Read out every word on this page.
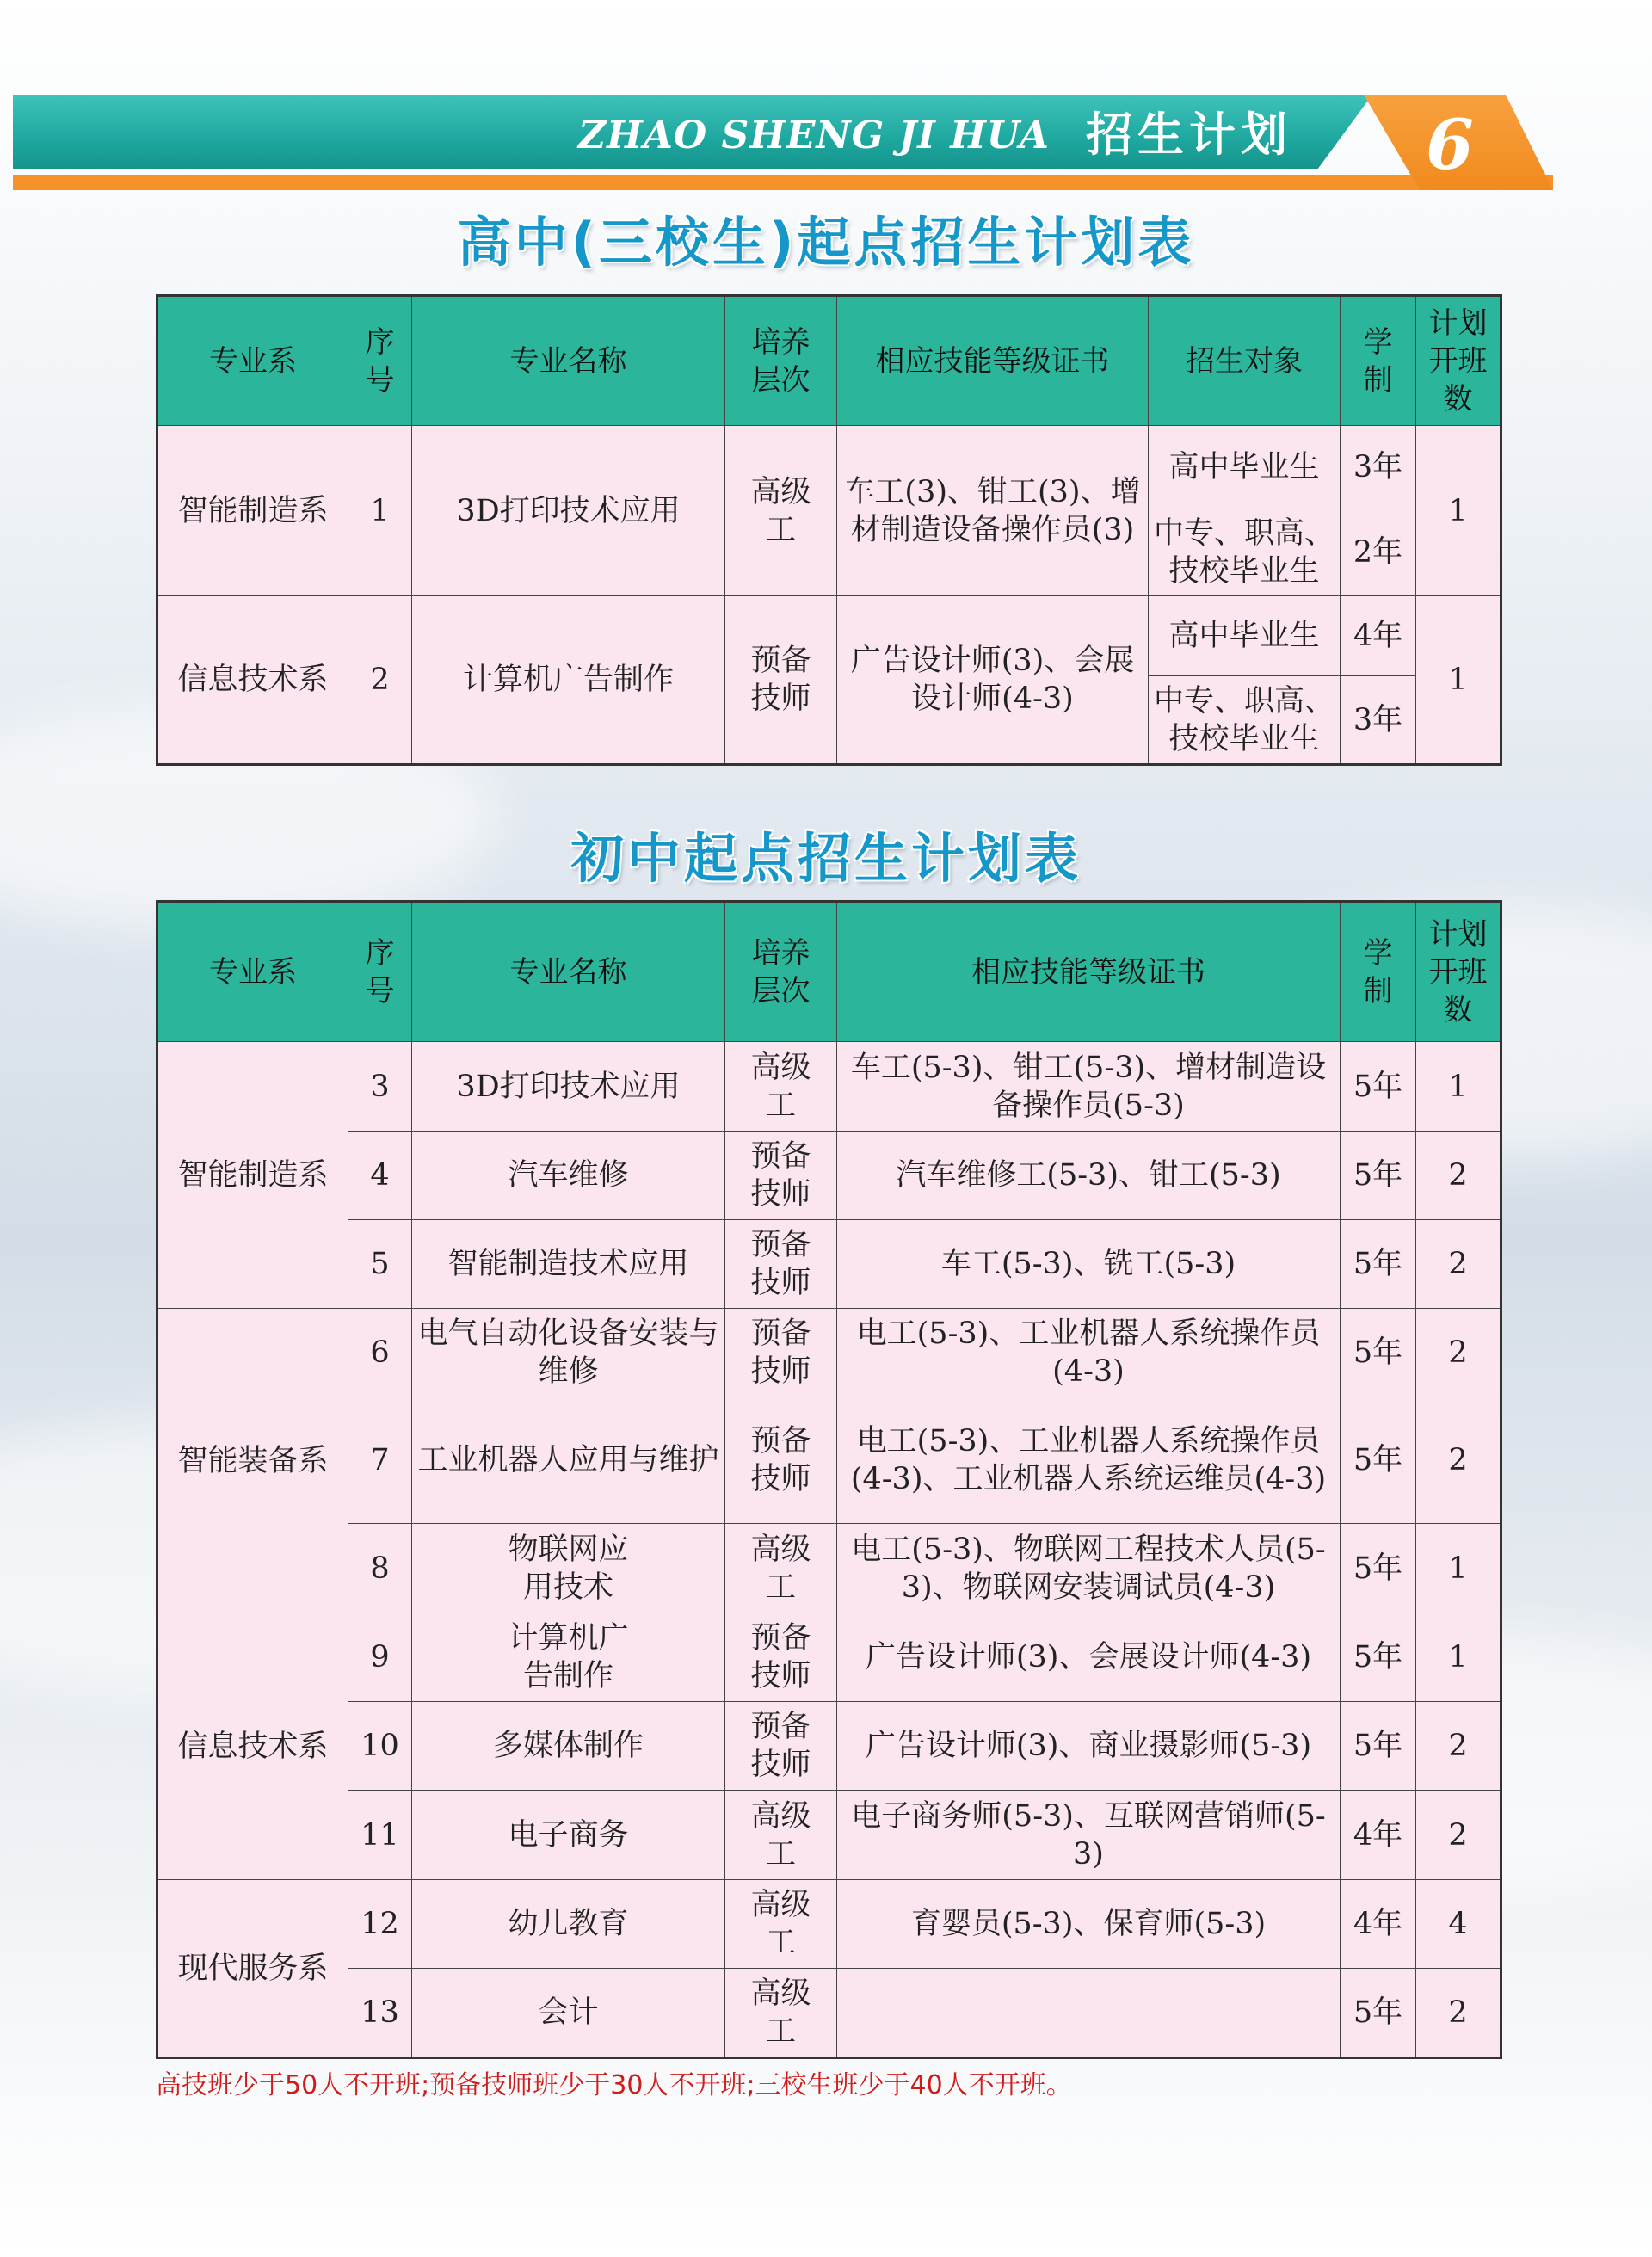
ZHAO SHENG JI HUA 招生计划 6
高中(三校生)起点招生计划表
专业系	序号	专业名称	培养层次	相应技能等级证书	招生对象	学制	计划开班数

智能制造系	1	3D打印技术应用	高级工	车工(3)、钳工(3)、增材制造设备操作员(3)	高中毕业生	3年	1
					中专、职高、技校毕业生	2年	
信息技术系	2	计算机广告制作	预备技师	广告设计师(3)、会展设计师(4-3)	高中毕业生	4年	1
					中专、职高、技校毕业生	3年	
初中起点招生计划表
专业系	序号	专业名称	培养层次	相应技能等级证书	学制	计划开班数

智能制造系	3	3D打印技术应用	高级工	车工(5-3)、钳工(5-3)、增材制造设备操作员(5-3)	5年	1
	4	汽车维修	预备技师	汽车维修工(5-3)、钳工(5-3)	5年	2
	5	智能制造技术应用	预备技师	车工(5-3)、铣工(5-3)	5年	2
智能装备系	6	电气自动化设备安装与维修	预备技师	电工(5-3)、工业机器人系统操作员(4-3)	5年	2
	7	工业机器人应用与维护	预备技师	电工(5-3)、工业机器人系统操作员(4-3)、工业机器人系统运维员(4-3)	5年	2
	8	物联网应用技术	高级工	电工(5-3)、物联网工程技术人员(5-3)、物联网安装调试员(4-3)	5年	1
信息技术系	9	计算机广告制作	预备技师	广告设计师(3)、会展设计师(4-3)	5年	1
	10	多媒体制作	预备技师	广告设计师(3)、商业摄影师(5-3)	5年	2
	11	电子商务	高级工	电子商务师(5-3)、互联网营销师(5-3)	4年	2
现代服务系	12	幼儿教育	高级工	育婴员(5-3)、保育师(5-3)	4年	4
	13	会计	高级工		5年	2
高技班少于50人不开班;预备技师班少于30人不开班;三校生班少于40人不开班。
